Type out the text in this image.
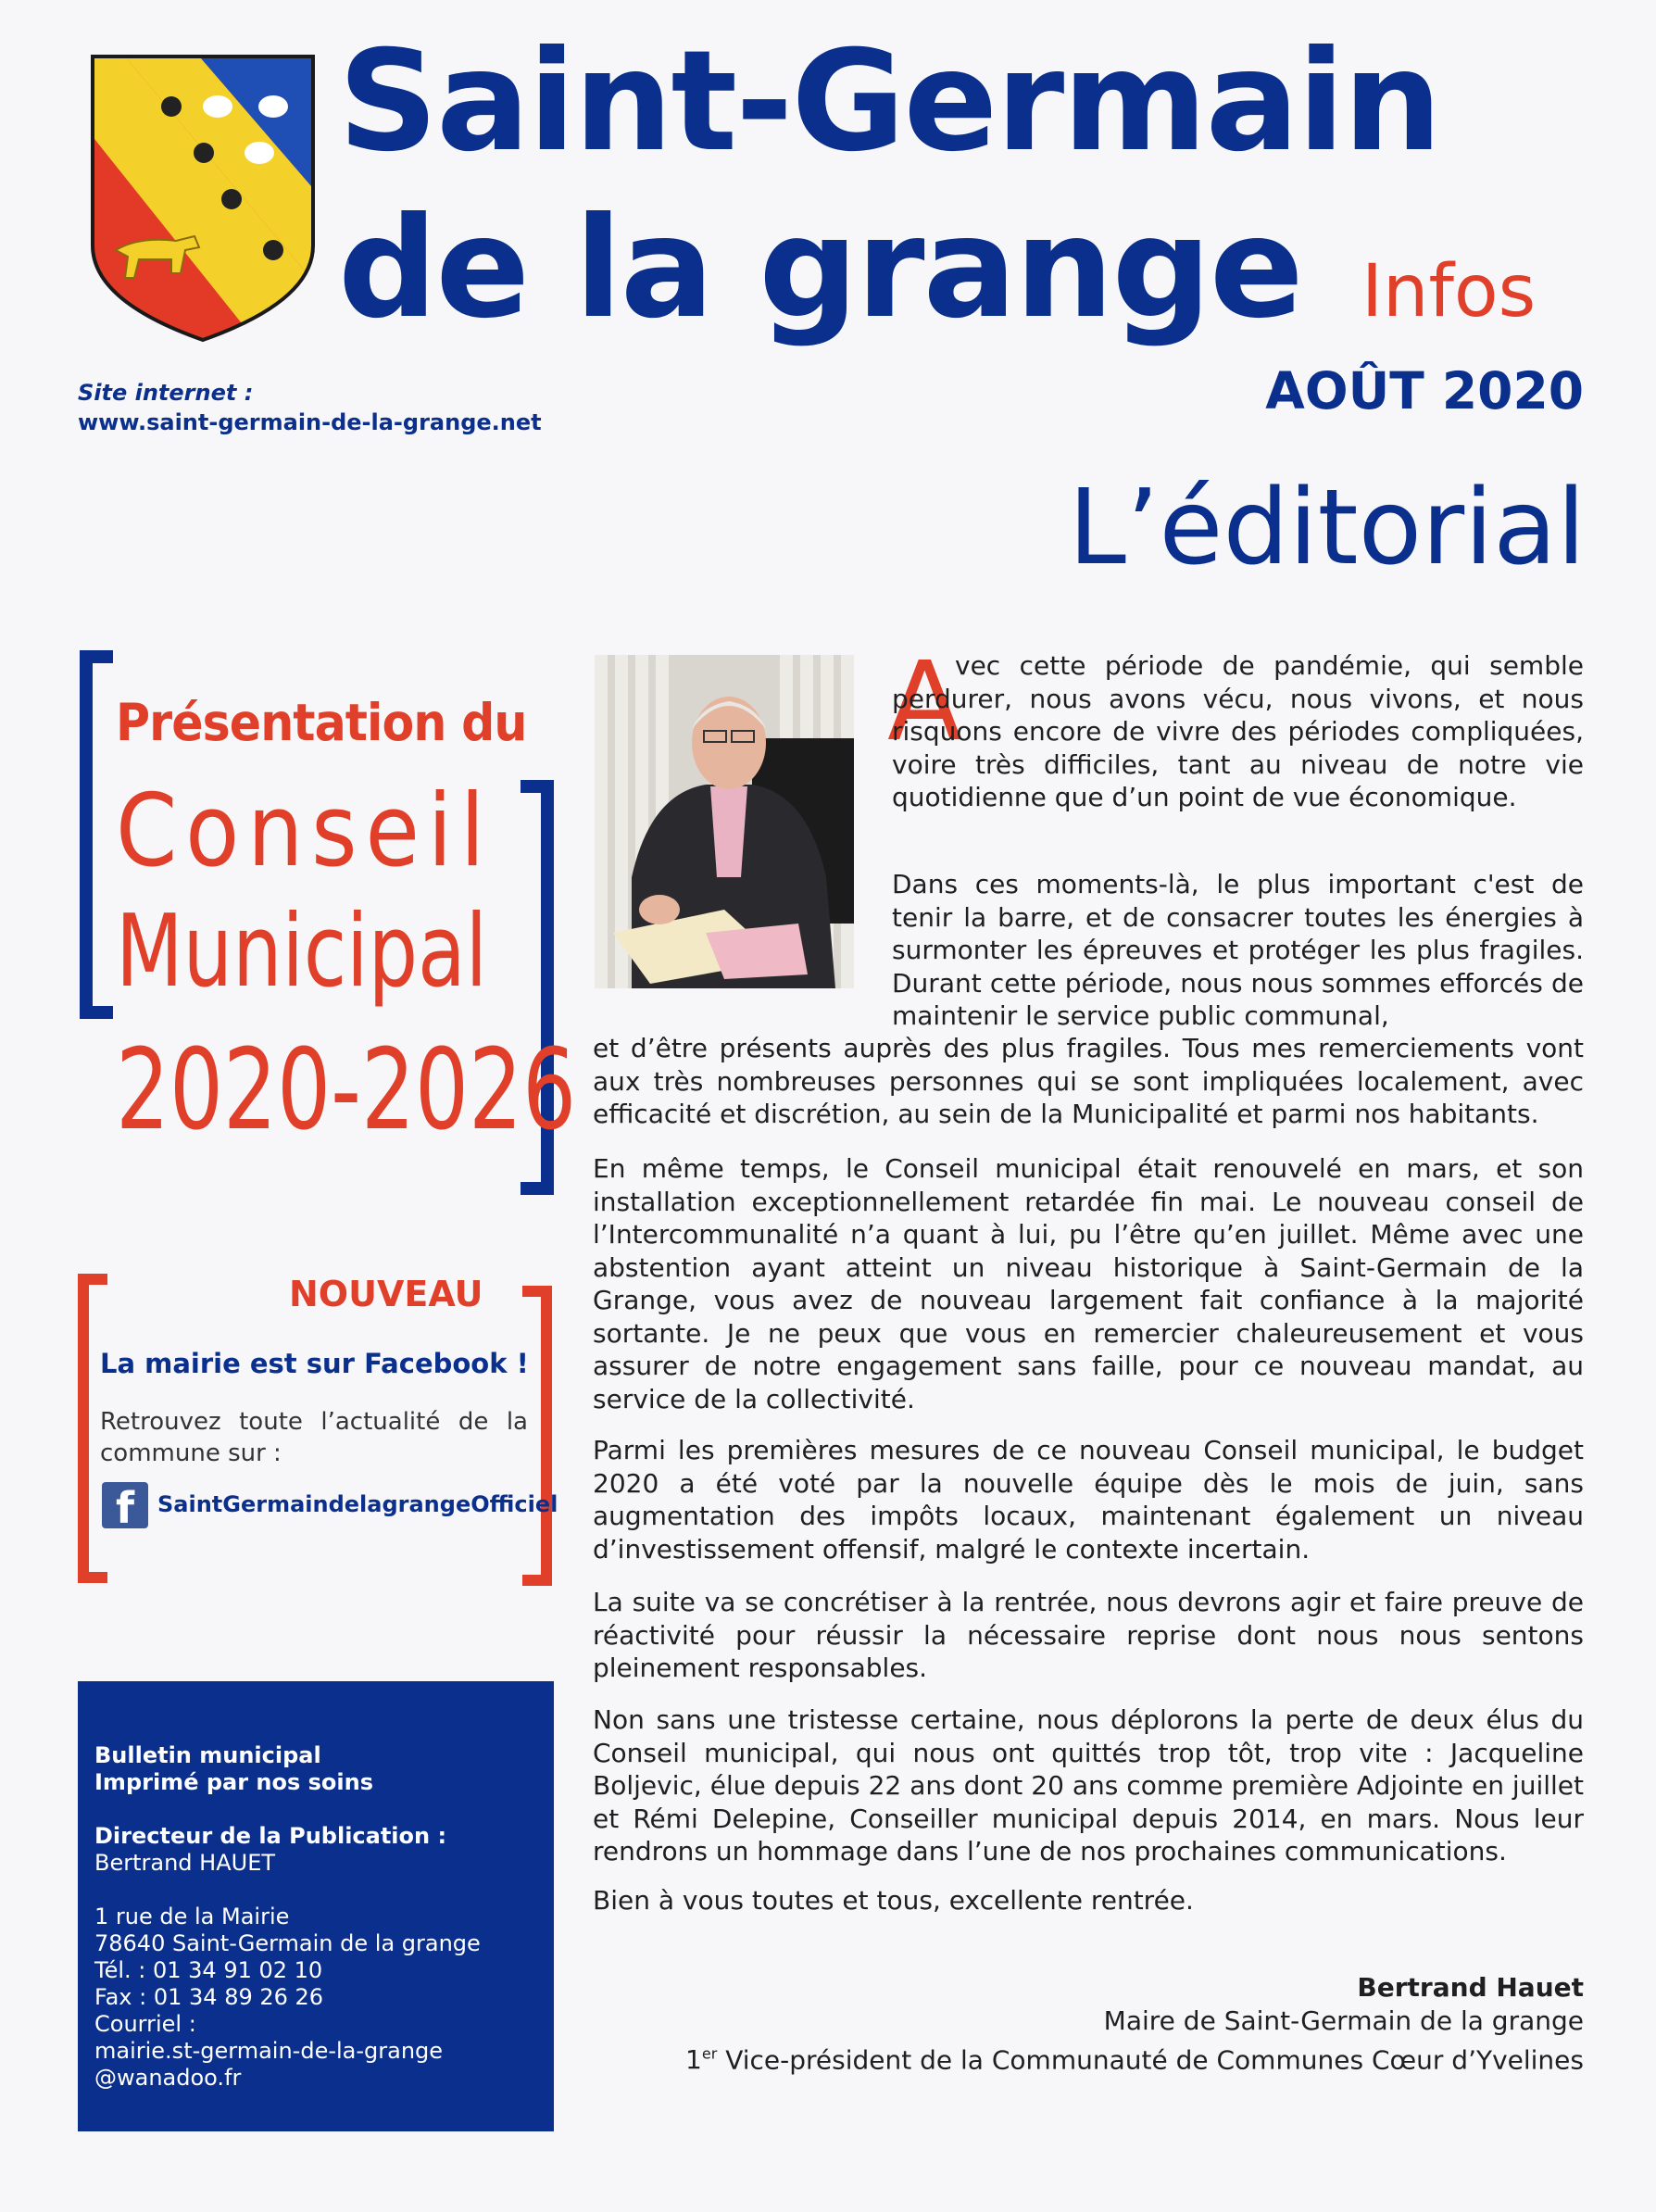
Saint-Germain
de la grange Infos
AOÛT 2020
Site internet :
www.saint-germain-de-la-grange.net
L’éditorial
Présentation du
Conseil
Municipal
2020-2026
NOUVEAU
La mairie est sur Facebook !
Retrouvez toute l’actualité de la commune sur :
f	SaintGermaindelagrangeOfficiel

Bulletin municipal

Imprimé par nos soins

Directeur de la Publication :

Bertrand HAUET

1 rue de la Mairie

78640 Saint-Germain de la grange

Tél. : 01 34 91 02 10

Fax : 01 34 89 26 26

Courriel :

mairie.st-germain-de-la-grange

@wanadoo.fr

A
vec cette période de pandémie, qui semble perdurer, nous avons vécu, nous vivons, et nous risquons encore de vivre des périodes compliquées, voire très difficiles, tant au niveau de notre vie quotidienne que d’un point de vue économique.
Dans ces moments-là, le plus important c'est de tenir la barre, et de consacrer toutes les énergies à surmonter les épreuves et protéger les plus fragiles. Durant cette période, nous nous sommes efforcés de maintenir le service public communal,
et d’être présents auprès des plus fragiles. Tous mes remerciements vont aux très nombreuses personnes qui se sont impliquées localement, avec efficacité et discrétion, au sein de la Municipalité et parmi nos habitants.
En même temps, le Conseil municipal était renouvelé en mars, et son installation exceptionnellement retardée fin mai. Le nouveau conseil de l’Intercommunalité n’a quant à lui, pu l’être qu’en juillet. Même avec une abstention ayant atteint un niveau historique à Saint-Germain de la Grange, vous avez de nouveau largement fait confiance à la majorité sortante. Je ne peux que vous en remercier chaleureusement et vous assurer de notre engagement sans faille, pour ce nouveau mandat, au service de la collectivité.
Parmi les premières mesures de ce nouveau Conseil municipal, le budget 2020 a été voté par la nouvelle équipe dès le mois de juin, sans augmentation des impôts locaux, maintenant également un niveau d’investissement offensif, malgré le contexte incertain.
La suite va se concrétiser à la rentrée, nous devrons agir et faire preuve de réactivité pour réussir la nécessaire reprise dont nous nous sentons pleinement responsables.
Non sans une tristesse certaine, nous déplorons la perte de deux élus du Conseil municipal, qui nous ont quittés trop tôt, trop vite : Jacqueline Boljevic, élue depuis 22 ans dont 20 ans comme première Adjointe en juillet et Rémi Delepine, Conseiller municipal depuis 2014, en mars. Nous leur rendrons un hommage dans l’une de nos prochaines communications.
Bien à vous toutes et tous, excellente rentrée.
Bertrand Hauet
Maire de Saint-Germain de la grange
1er Vice-président de la Communauté de Communes Cœur d’Yvelines
